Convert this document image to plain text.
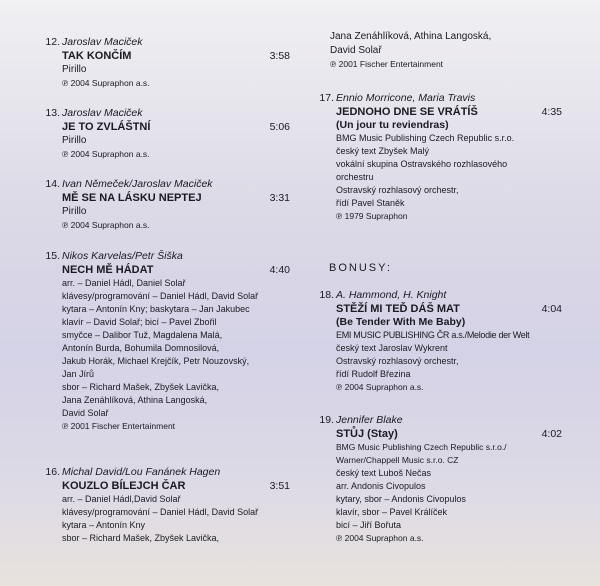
12. Jaroslav Maciček
TAK KONČÍM	3:58
Pirillo
℗ 2004 Supraphon a.s.
13. Jaroslav Maciček
JE TO ZVLÁŠTNÍ	5:06
Pirillo
℗ 2004 Supraphon a.s.
14. Ivan Němeček/Jaroslav Maciček
MĚ SE NA LÁSKU NEPTEJ	3:31
Pirillo
℗ 2004 Supraphon a.s.
15. Nikos Karvelas/Petr Šiška
NECH MĚ HÁDAT	4:40
arr. – Daniel Hádl, Daniel Solař
klávesy/programování – Daniel Hádl, David Solař
kytara – Antonín Kny; baskytara – Jan Jakubec
klavír – David Solař; bicí – Pavel Zbořil
smyčce – Dalibor Tuž, Magdalena Malá,
Antonín Burda, Bohumila Domnosilová,
Jakub Horák, Michael Krejčík, Petr Nouzovský,
Jan Jírů
sbor – Richard Mašek, Zbyšek Lavička,
Jana Zenáhlíková, Athina Langoská,
David Solař
℗ 2001 Fischer Entertainment
16. Michal David/Lou Fanánek Hagen
KOUZLO BÍLEJCH ČAR	3:51
arr. – Daniel Hádl,David Solař
klávesy/programování – Daniel Hádl, David Solař
kytara – Antonín Kny
sbor – Richard Mašek, Zbyšek Lavička,
Jana Zenáhlíková, Athina Langoská,
David Solař
℗ 2001 Fischer Entertainment
17. Ennio Morricone, Maria Travis
JEDNOHO DNE SE VRÁTÍŠ	4:35
(Un jour tu reviendras)
BMG Music Publishing Czech Republic s.r.o.
český text Zbyšek Malý
vokální skupina Ostravského rozhlasového
orchestru
Ostravský rozhlasový orchestr,
řídí Pavel Staněk
℗ 1979 Supraphon
BONUSY:
18. A. Hammond, H. Knight
STĚŽÍ MI TEĎ DÁŠ MAT	4:04
(Be Tender With Me Baby)
EMI MUSIC PUBLISHING ČR a.s./Melodie der Welt
český text Jaroslav Wykrent
Ostravský rozhlasový orchestr,
řídí Rudolf Březina
℗ 2004 Supraphon a.s.
19. Jennifer Blake
STŮJ (Stay)	4:02
BMG Music Publishing Czech Republic s.r.o./
Warner/Chappell Music s.r.o. CZ
český text Luboš Nečas
arr. Andonis Civopulos
kytary, sbor – Andonis Civopulos
klavír, sbor – Pavel Králíček
bicí – Jiří Bořuta
℗ 2004 Supraphon a.s.
